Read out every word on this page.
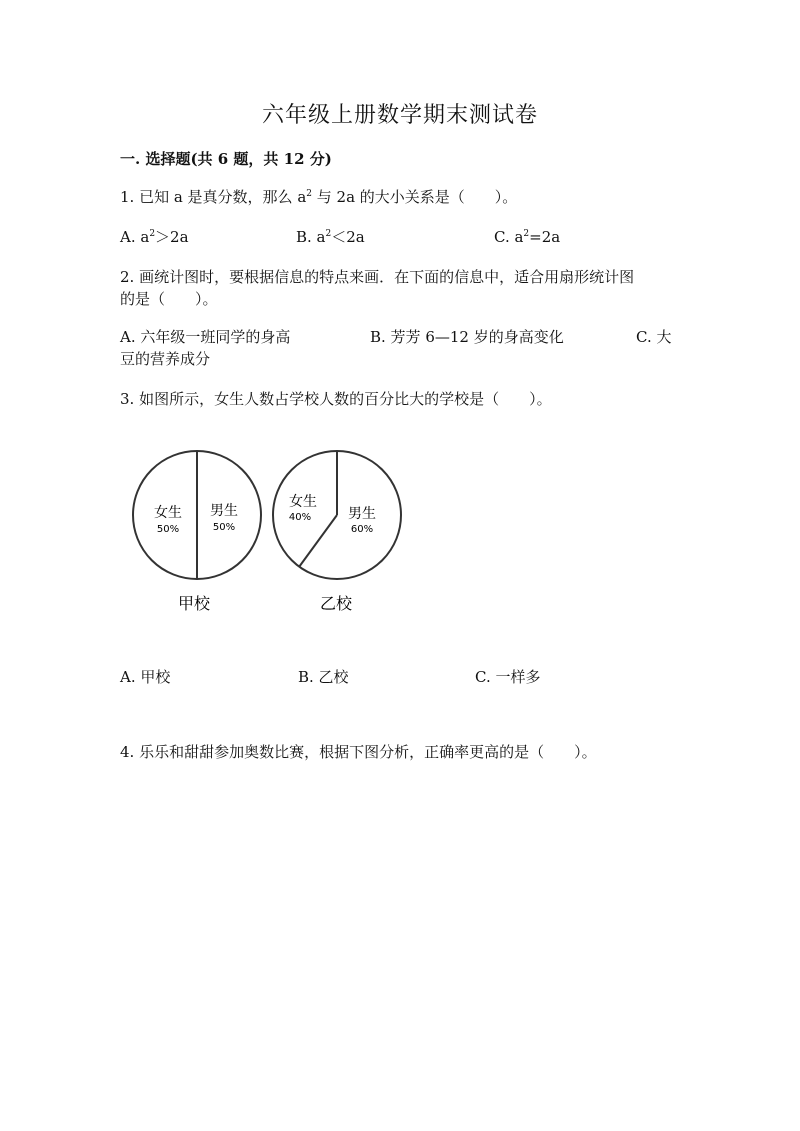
六年级上册数学期末测试卷
一. 选择题(共 6 题，共 12 分)
1. 已知 a 是真分数，那么 $a^2$ 与 2a 的大小关系是（　　）。
A. $a^2>2a$	B. $a^2<2a$	C. $a^2=2a$
2. 画统计图时，要根据信息的特点来画．在下面的信息中，适合用扇形统计图
的是（　　）。
A. 六年级一班同学的身高	B. 芳芳 6—12 岁的身高变化	C. 大
豆的营养成分
3. 如图所示，女生人数占学校人数的百分比大的学校是（　　）。
女生
50%
男生
50%
甲校
女生
40%	男生
60%
乙校
A. 甲校	B. 乙校	C. 一样多
4. 乐乐和甜甜参加奥数比赛，根据下图分析，正确率更高的是（　　）。
